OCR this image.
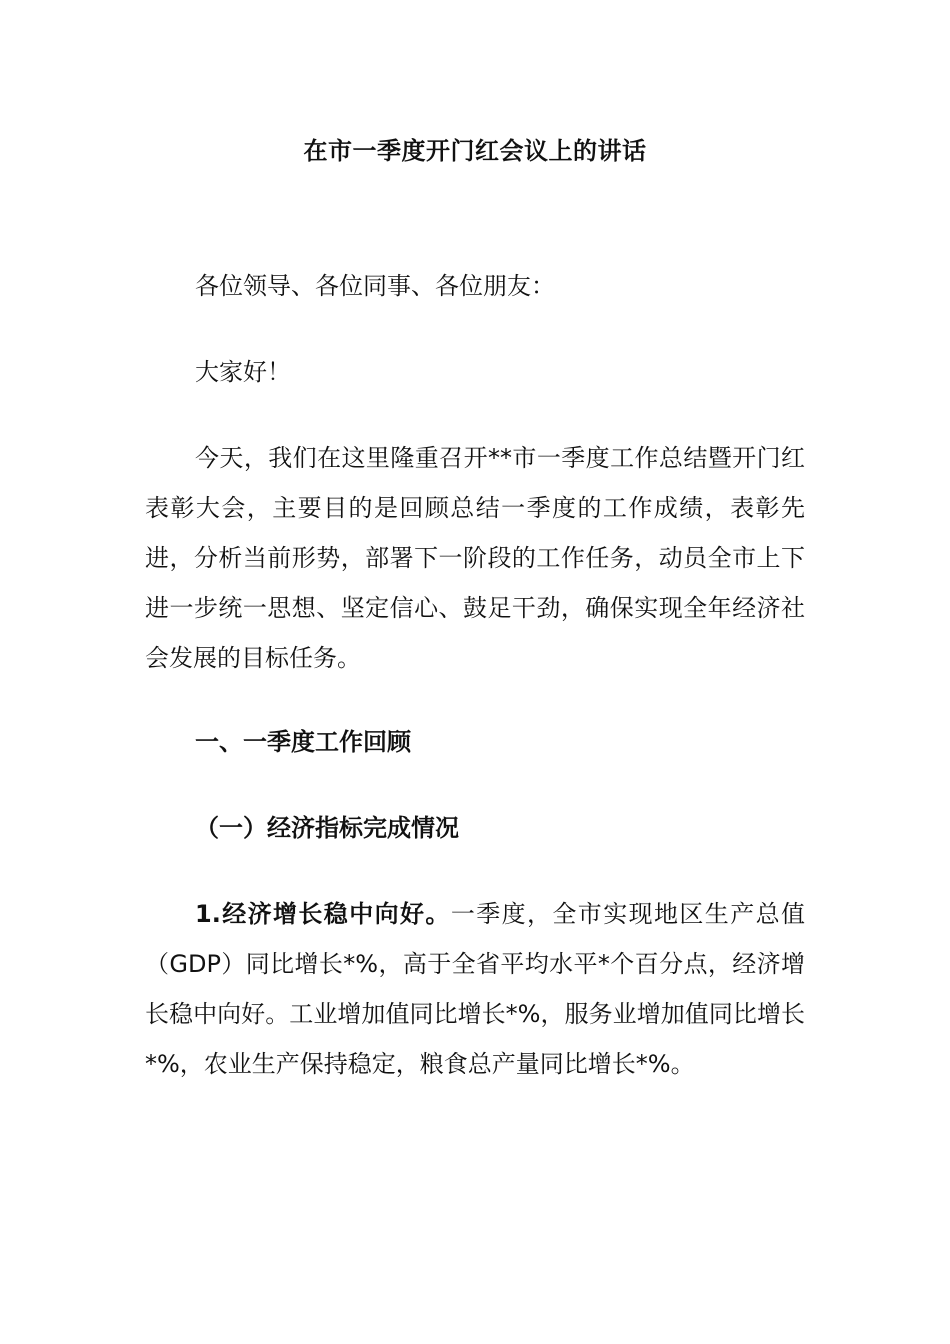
在市一季度开门红会议上的讲话

各位领导、各位同事、各位朋友：

大家好！

今天，我们在这里隆重召开**市一季度工作总结暨开门红表彰大会，主要目的是回顾总结一季度的工作成绩，表彰先进，分析当前形势，部署下一阶段的工作任务，动员全市上下进一步统一思想、坚定信心、鼓足干劲，确保实现全年经济社会发展的目标任务。

一、一季度工作回顾
（一）经济指标完成情况

1.经济增长稳中向好。一季度，全市实现地区生产总值（GDP）同比增长*%，高于全省平均水平*个百分点，经济增长稳中向好。工业增加值同比增长*%，服务业增加值同比增长*%，农业生产保持稳定，粮食总产量同比增长*%。
